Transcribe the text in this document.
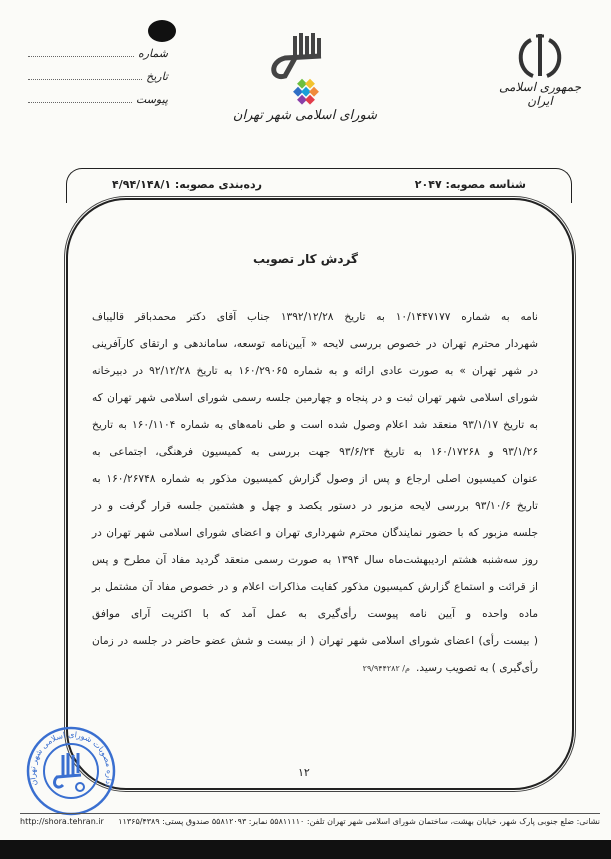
جمهوری اسلامی ایران
شورای اسلامی شهر تهران
شماره
تاریخ
پیوست
شناسه مصوبه: ۲۰۴۷
رده‌بندی مصوبه: ۴/۹۴/۱۴۸/۱
گردش کار تصویب
نامه به شماره ۱۰/۱۴۴۷۱۷۷ به تاریخ ۱۳۹۲/۱۲/۲۸ جناب آقای دکتر محمدباقر قالیباف
شهردار محترم تهران در خصوص بررسی لایحه « آیین‌نامه توسعه، ساماندهی و ارتقای کارآفرینی
در شهر تهران » به صورت عادی ارائه و به شماره ۱۶۰/۲۹۰۶۵ به تاریخ ۹۲/۱۲/۲۸ در دبیرخانه
شورای اسلامی شهر تهران ثبت و در پنجاه و چهارمین جلسه رسمی شورای اسلامی شهر تهران که
به تاریخ ۹۳/۱/۱۷ منعقد شد اعلام وصول شده است و طی نامه‌های به شماره ۱۶۰/۱۱۰۴ به تاریخ
۹۳/۱/۲۶ و ۱۶۰/۱۷۲۶۸ به تاریخ ۹۳/۶/۲۴ جهت بررسی به کمیسیون فرهنگی، اجتماعی به
عنوان کمیسیون اصلی ارجاع و پس از وصول گزارش کمیسیون مذکور به شماره ۱۶۰/۲۶۷۴۸ به
تاریخ ۹۳/۱۰/۶ بررسی لایحه مزبور در دستور یکصد و چهل و هشتمین جلسه قرار گرفت و در
جلسه مزبور که با حضور نمایندگان محترم شهرداری تهران و اعضای شورای اسلامی شهر تهران در
روز سه‌شنبه هشتم اردیبهشت‌ماه سال ۱۳۹۴ به صورت رسمی منعقد گردید مفاد آن مطرح و پس
از قرائت و استماع گزارش کمیسیون مذکور کفایت مذاکرات اعلام و در خصوص مفاد آن مشتمل بر
ماده واحده و آیین نامه پیوست رأی‌گیری به عمل آمد که با اکثریت آرای موافق
( بیست رأی) اعضای شورای اسلامی شهر تهران ( از بیست و شش عضو حاضر در جلسه در زمان
رأی‌گیری ) به تصویب رسید.م/ ۲۹/۹۴۴۲۸۲
۱۲
اداره مصوبات شورای اسلامی شهر تهران
نشانی: ضلع جنوبی پارک شهر، خیابان بهشت، ساختمان شورای اسلامی شهر تهران تلفن: ۵۵۸۱۱۱۱۰ نمابر: ۵۵۸۱۲۰۹۳ صندوق پستی: ۱۱۳۶۵/۴۳۸۹
http://shora.tehran.ir
